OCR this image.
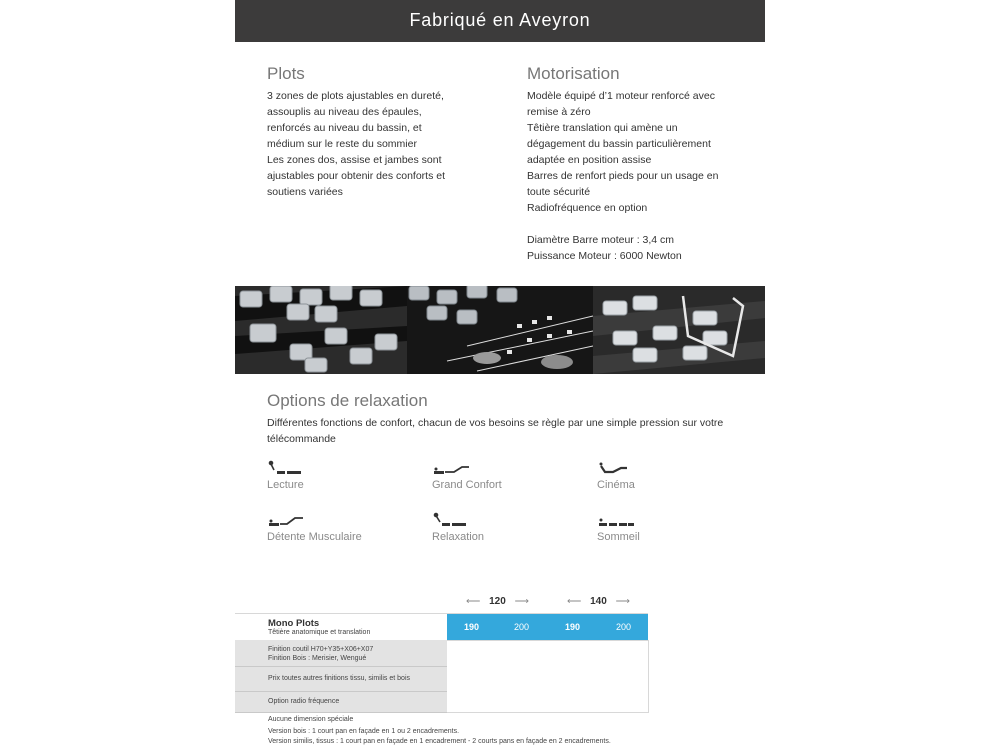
Fabriqué en Aveyron
Plots
3 zones de plots ajustables en dureté,
assouplis au niveau des épaules,
renforcés au niveau du bassin, et
médium sur le reste du sommier
Les zones dos, assise et jambes sont
ajustables pour obtenir des conforts et
soutiens variées
Motorisation
Modèle équipé d’1 moteur renforcé avec
remise à zéro
Têtière translation qui amène un
dégagement du bassin particulièrement
adaptée en position assise
Barres de renfort pieds pour un usage en
toute sécurité
Radiofréquence en option
Diamètre Barre moteur : 3,4 cm
Puissance Moteur : 6000 Newton
Options de relaxation
Différentes fonctions de confort, chacun de vos besoins se règle par une simple pression sur votre
télécommande
Lecture	Grand Confort	Cinéma
Détente Musculaire	Relaxation	Sommeil
⟵ 120 ⟶	⟵ 140 ⟶
Mono Plots
Têtière anatomique et translation
190	200	190	200
Finition coutil H70+Y35+X06+X07
Finition Bois : Merisier, Wengué
Prix toutes autres finitions tissu, similis et bois
Option radio fréquence
Aucune dimension spéciale
Version bois : 1 court pan en façade en 1 ou 2 encadrements.
Version similis, tissus : 1 court pan en façade en 1 encadrement - 2 courts pans en façade en 2 encadrements.
